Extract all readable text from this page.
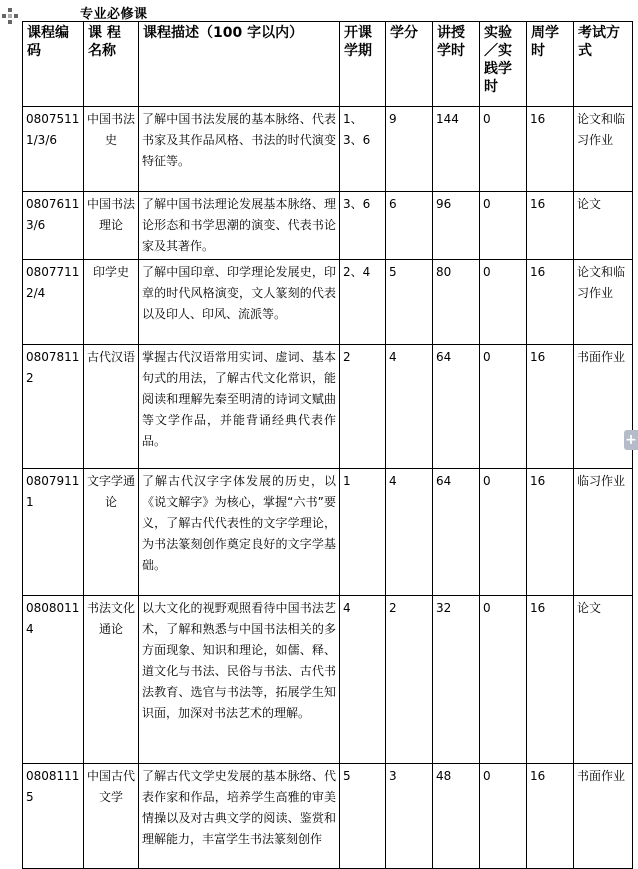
专业必修课
课程编码	课 程名称	课程描述（100 字以内）	开课学期	学分	讲授学时	实验／实践学时	周学时	考试方式
08075111/3/6	中国书法史	了解中国书法发展的基本脉络、代表书家及其作品风格、书法的时代演变特征等。	1、3、6	9	144	0	16	论文和临习作业
08076113/6	中国书法理论	了解中国书法理论发展基本脉络、理论形态和书学思潮的演变、代表书论家及其著作。	3、6	6	96	0	16	论文
08077112/4	印学史	了解中国印章、印学理论发展史，印章的时代风格演变，文人篆刻的代表以及印人、印风、流派等。	2、4	5	80	0	16	论文和临习作业
08078112	古代汉语	掌握古代汉语常用实词、虚词、基本句式的用法，了解古代文化常识，能阅读和理解先秦至明清的诗词文赋曲等文学作品，并能背诵经典代表作品。	2	4	64	0	16	书面作业
08079111	文字学通论	了解古代汉字字体发展的历史，以《说文解字》为核心，掌握“六书”要义，了解古代代表性的文字学理论，为书法篆刻创作奠定良好的文字学基础。	1	4	64	0	16	临习作业
08080114	书法文化通论	以大文化的视野观照看待中国书法艺术，了解和熟悉与中国书法相关的多方面现象、知识和理论，如儒、释、道文化与书法、民俗与书法、古代书法教育、选官与书法等，拓展学生知识面，加深对书法艺术的理解。	4	2	32	0	16	论文
08081115	中国古代文学	了解古代文学史发展的基本脉络、代表作家和作品，培养学生高雅的审美情操以及对古典文学的阅读、鉴赏和理解能力，丰富学生书法篆刻创作	5	3	48	0	16	书面作业
+
